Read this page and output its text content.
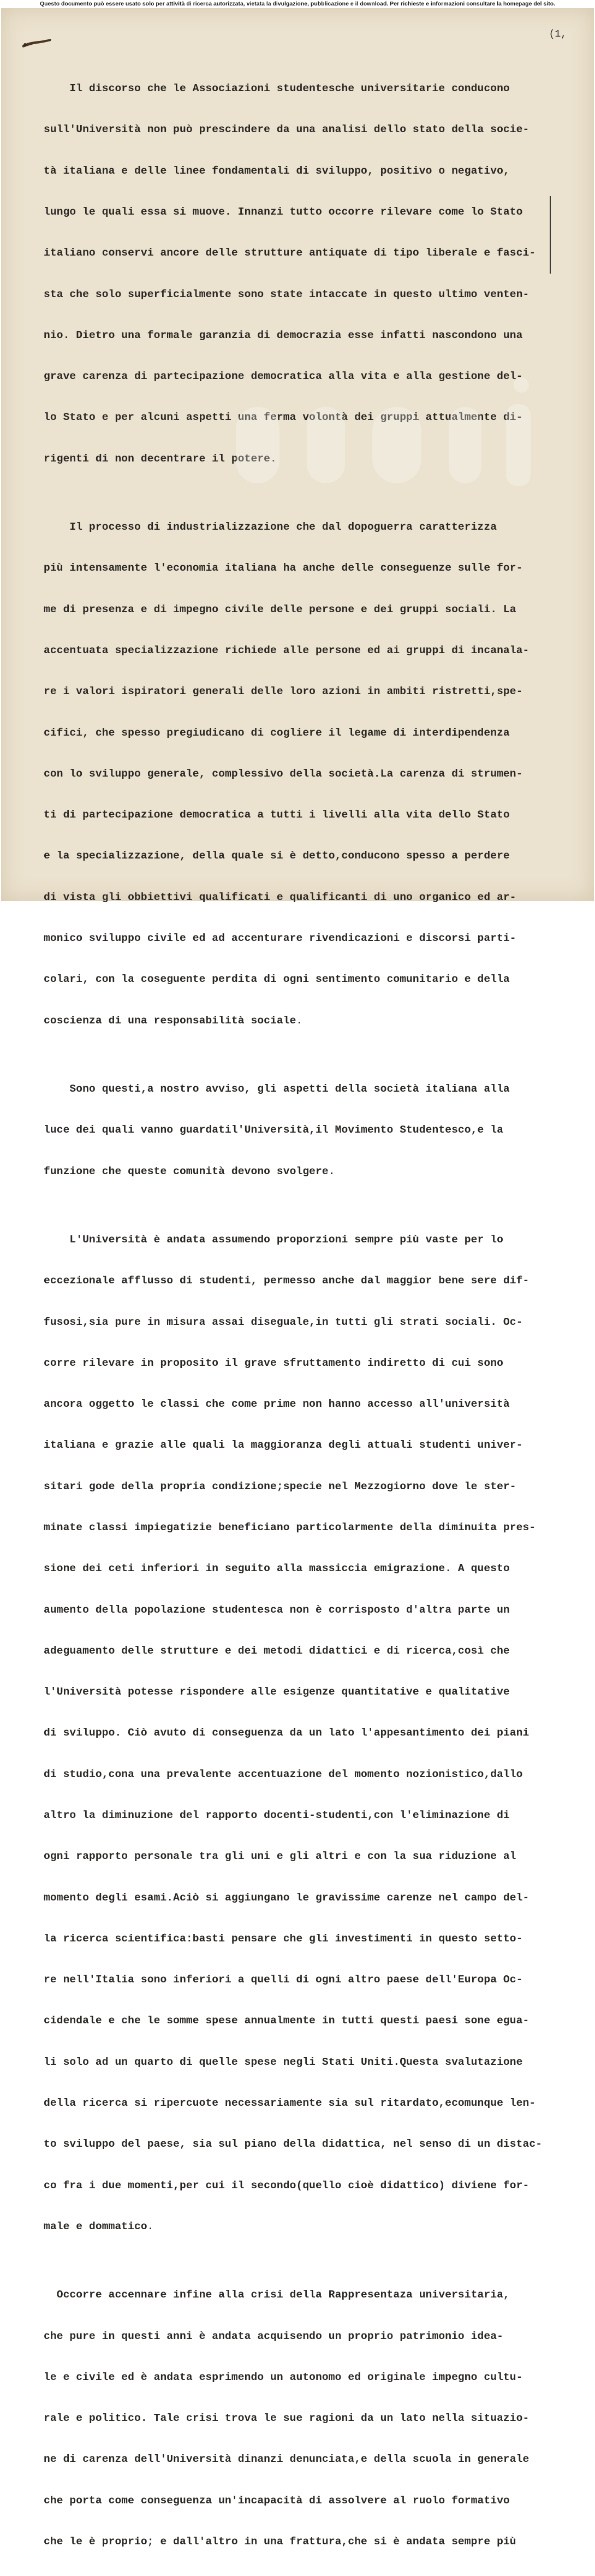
Questo documento può essere usato solo per attività di ricerca autorizzata, vietata la divulgazione, pubblicazione e il download. Per richieste e informazioni consultare la homepage del sito.
(1,

Il discorso che le Associazioni studentesche universitarie conducono

sull'Università non può prescindere da una analisi dello stato della socie-

tà italiana e delle linee fondamentali di sviluppo, positivo o negativo,

lungo le quali essa si muove. Innanzi tutto occorre rilevare come lo Stato

italiano conservi ancore delle strutture antiquate di tipo liberale e fasci-

sta che solo superficialmente sono state intaccate in questo ultimo venten-

nio. Dietro una formale garanzia di democrazia esse infatti nascondono una

grave carenza di partecipazione democratica alla vita e alla gestione del-

lo Stato e per alcuni aspetti una ferma volontà dei gruppi attualmente di-

rigenti di non decentrare il potere.

Il processo di industrializzazione che dal dopoguerra caratterizza

più intensamente l'economia italiana ha anche delle conseguenze sulle for-

me di presenza e di impegno civile delle persone e dei gruppi sociali. La

accentuata specializzazione richiede alle persone ed ai gruppi di incanala-

re i valori ispiratori generali delle loro azioni in ambiti ristretti,spe-

cifici, che spesso pregiudicano di cogliere il legame di interdipendenza

con lo sviluppo generale, complessivo della società.La carenza di strumen-

ti di partecipazione democratica a tutti i livelli alla vita dello Stato

e la specializzazione, della quale si è detto,conducono spesso a perdere

di vista gli obbiettivi qualificati e qualificanti di uno organico ed ar-

monico sviluppo civile ed ad accenturare rivendicazioni e discorsi parti-

colari, con la coseguente perdita di ogni sentimento comunitario e della

coscienza di una responsabilità sociale.

Sono questi,a nostro avviso, gli aspetti della società italiana alla

luce dei quali vanno guardatil'Università,il Movimento Studentesco,e la

funzione che queste comunità devono svolgere.

L'Università è andata assumendo proporzioni sempre più vaste per lo

eccezionale afflusso di studenti, permesso anche dal maggior bene sere dif-

fusosi,sia pure in misura assai diseguale,in tutti gli strati sociali. Oc-

corre rilevare in proposito il grave sfruttamento indiretto di cui sono

ancora oggetto le classi che come prime non hanno accesso all'università

italiana e grazie alle quali la maggioranza degli attuali studenti univer-

sitari gode della propria condizione;specie nel Mezzogiorno dove le ster-

minate classi impiegatizie beneficiano particolarmente della diminuita pres-

sione dei ceti inferiori in seguito alla massiccia emigrazione. A questo

aumento della popolazione studentesca non è corrisposto d'altra parte un

adeguamento delle strutture e dei metodi didattici e di ricerca,così che

l'Università potesse rispondere alle esigenze quantitative e qualitative

di sviluppo. Ciò avuto di conseguenza da un lato l'appesantimento dei piani

di studio,cona una prevalente accentuazione del momento nozionistico,dallo

altro la diminuzione del rapporto docenti-studenti,con l'eliminazione di

ogni rapporto personale tra gli uni e gli altri e con la sua riduzione al

momento degli esami.Aciò si aggiungano le gravissime carenze nel campo del-

la ricerca scientifica:basti pensare che gli investimenti in questo setto-

re nell'Italia sono inferiori a quelli di ogni altro paese dell'Europa Oc-

cidendale e che le somme spese annualmente in tutti questi paesi sone egua-

li solo ad un quarto di quelle spese negli Stati Uniti.Questa svalutazione

della ricerca si ripercuote necessariamente sia sul ritardato,ecomunque len-

to sviluppo del paese, sia sul piano della didattica, nel senso di un distac-

co fra i due momenti,per cui il secondo(quello cioè didattico) diviene for-

male e dommatico.

Occorre accennare infine alla crisi della Rappresentaza universitaria,

che pure in questi anni è andata acquisendo un proprio patrimonio idea-

le e civile ed è andata esprimendo un autonomo ed originale impegno cultu-

rale e politico. Tale crisi trova le sue ragioni da un lato nella situazio-

ne di carenza dell'Università dinanzi denunciata,e della scuola in generale

che porta come conseguenza un'incapacità di assolvere al ruolo formativo

che le è proprio; e dall'altro in una frattura,che si è andata sempre più
